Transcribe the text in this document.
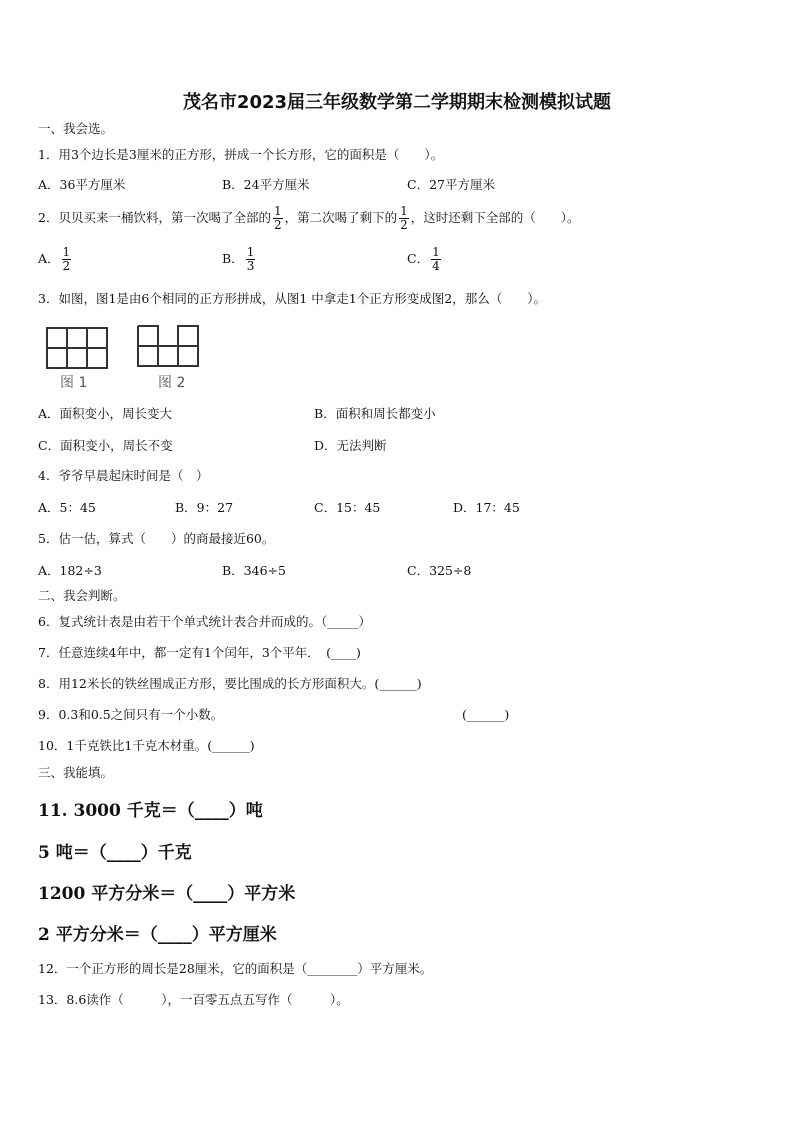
茂名市2023届三年级数学第二学期期末检测模拟试题
一、我会选。
1．用3个边长是3厘米的正方形，拼成一个长方形，它的面积是（　　）。
A．36平方厘米	B．24平方厘米	C．27平方厘米
2．贝贝买来一桶饮料，第一次喝了全部的 $\frac{1}{2}$ ，第二次喝了剩下的 $\frac{1}{2}$ ，这时还剩下全部的（　　）。
A． $\frac{1}{2}$	B． $\frac{1}{3}$	C． $\frac{1}{4}$
3．如图，图1是由6个相同的正方形拼成，从图1 中拿走1个正方形变成图2，那么（　　）。
图 1	图 2
A．面积变小，周长变大	B．面积和周长都变小
C．面积变小，周长不变	D．无法判断
4．爷爷早晨起床时间是（　）
A．5：45	B．9：27	C．15：45	D．17：45
5．估一估，算式（　　）的商最接近60。
A．182÷3	B．346÷5	C．325÷8
二、我会判断。
6．复式统计表是由若干个单式统计表合并而成的。（_____）
7．任意连续4年中，都一定有1个闰年，3个平年．　(____)
8．用12米长的铁丝围成正方形，要比围成的长方形面积大。(______)
9．0.3和0.5之间只有一个小数。	(______)
10．1千克铁比1千克木材重。(______)
三、我能填。
11. 3000 千克＝（____）吨
5 吨＝（____）千克
1200 平方分米＝（____）平方米
2 平方分米＝（____）平方厘米
12．一个正方形的周长是28厘米，它的面积是（________）平方厘米。
13．8.6读作（　　　），一百零五点五写作（　　　）。
